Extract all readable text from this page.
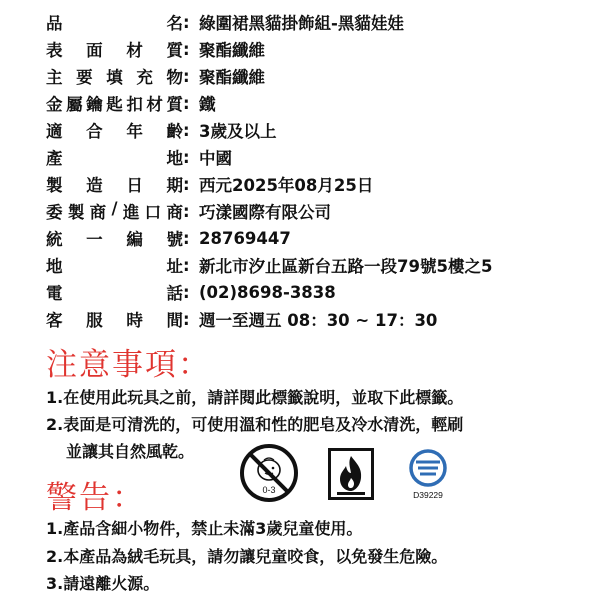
品	名 : 綠圍裙黑貓掛飾組-黑貓娃娃
表 面 材 質 : 聚酯纖維
主 要 填 充 物 : 聚酯纖維
金 屬 鑰 匙 扣 材 質 : 鐵
適 合 年 齡 : 3歲及以上
產	地 : 中國
製 造 日 期 : 西元2025年08月25日
委 製 商 / 進 口 商 : 巧漾國際有限公司
統 一 編 號 : 28769447
地	址 : 新北市汐止區新台五路一段79號5樓之5
電	話 : (02)8698-3838
客 服 時 間 : 週一至週五 08：30 ~ 17：30
注意事項：
1.在使用此玩具之前，請詳閱此標籤說明，並取下此標籤。
2.表面是可清洗的，可使用溫和性的肥皂及冷水清洗，輕刷
並讓其自然風乾。
警告：
1.產品含細小物件，禁止未滿3歲兒童使用。
2.本產品為絨毛玩具，請勿讓兒童咬食，以免發生危險。
3.請遠離火源。
0-3	D39229
